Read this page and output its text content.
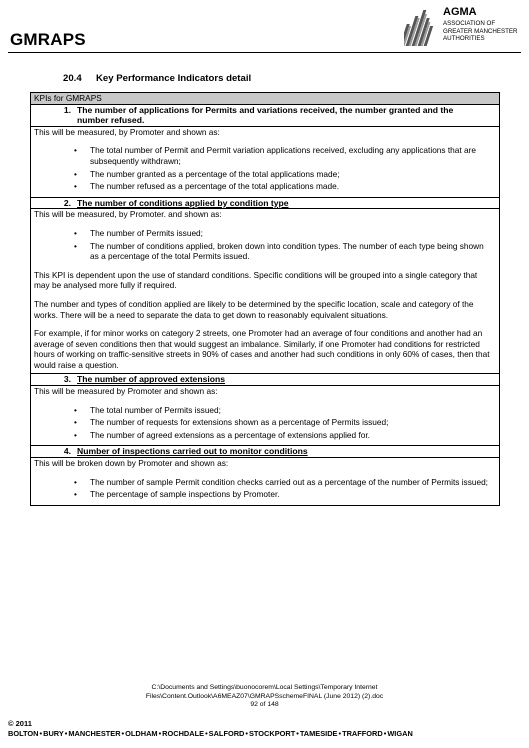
GMRAPS
AGMA
ASSOCIATION OF
GREATER MANCHESTER
AUTHORITIES
20.4 Key Performance Indicators detail
KPIs for GMRAPS
1. The number of applications for Permits and variations received, the number granted and the number refused.

This will be measured, by Promoter and shown as:
• The total number of Permit and Permit variation applications received, excluding any applications that are subsequently withdrawn;
• The number granted as a percentage of the total applications made;
• The number refused as a percentage of the total applications made.

2. The number of conditions applied by condition type

This will be measured, by Promoter. and shown as:
• The number of Permits issued;
• The number of conditions applied, broken down into condition types. The number of each type being shown as a percentage of the total Permits issued.

This KPI is dependent upon the use of standard conditions. Specific conditions will be grouped into a single category that may be analysed more fully if required.

The number and types of condition applied are likely to be determined by the specific location, scale and category of the works. There will be a need to separate the data to get down to reasonably equivalent situations.

For example, if for minor works on category 2 streets, one Promoter had an average of four conditions and another had an average of seven conditions then that would suggest an imbalance. Similarly, if one Promoter had conditions for restricted hours of working on traffic-sensitive streets in 90% of cases and another had such conditions in only 60% of cases, then that would raise a question.

3. The number of approved extensions

This will be measured by Promoter and shown as:
• The total number of Permits issued;
• The number of requests for extensions shown as a percentage of Permits issued;
• The number of agreed extensions as a percentage of extensions applied for.

4. Number of inspections carried out to monitor conditions

This will be broken down by Promoter and shown as:
• The number of sample Permit condition checks carried out as a percentage of the number of Permits issued;
• The percentage of sample inspections by Promoter.
C:\Documents and Settings\buonocorem\Local Settings\Temporary Internet
Files\Content.Outlook\A6MEAZ07\GMRAPSschemeFINAL (June 2012) (2).doc
92 of 148
© 2011
BOLTON•BURY•MANCHESTER•OLDHAM•ROCHDALE•SALFORD•STOCKPORT•TAMESIDE•TRAFFORD•WIGAN
